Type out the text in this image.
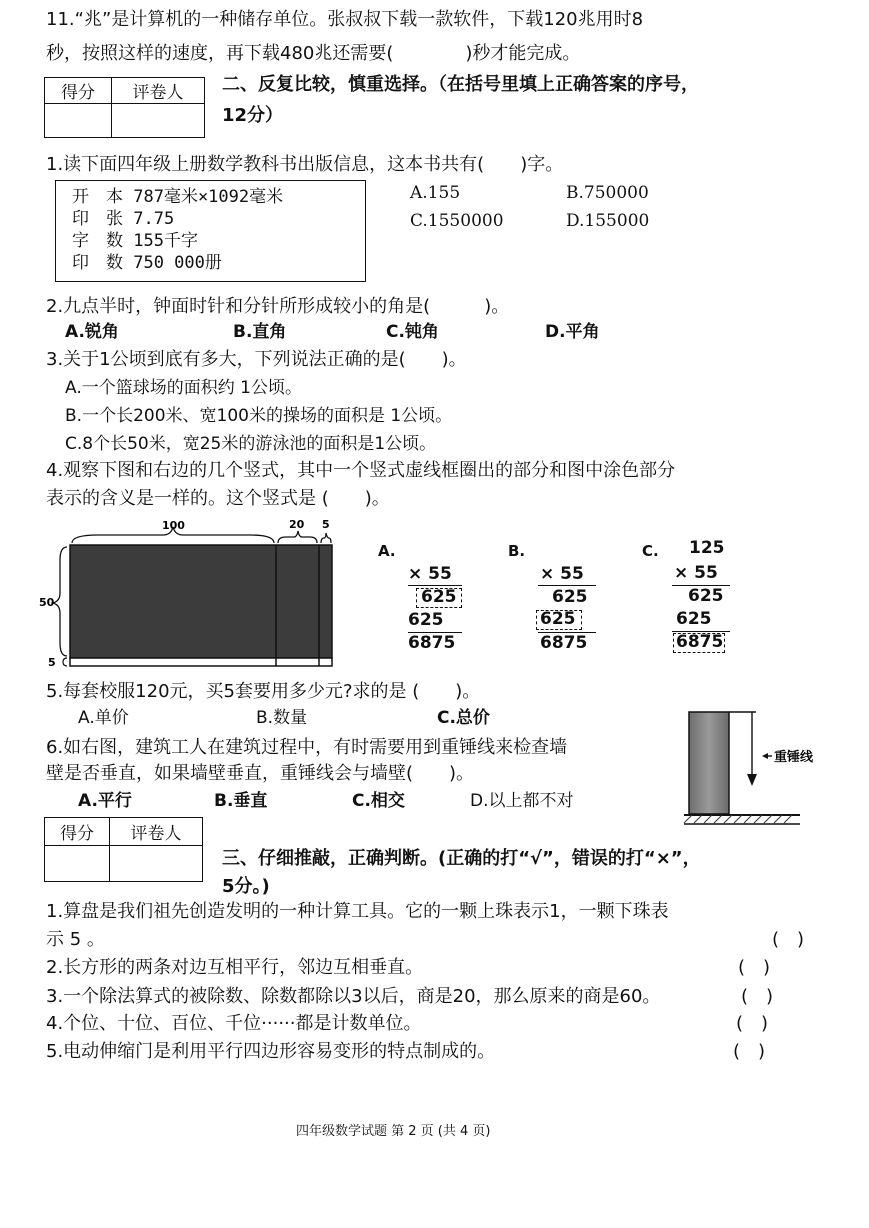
11.“兆”是计算机的一种储存单位。张叔叔下载一款软件，下载120兆用时8
秒，按照这样的速度，再下载480兆还需要(　　　　)秒才能完成。
得分	评卷人
	二、反复比较，慎重选择。（在括号里填上正确答案的序号，
12分）
1.读下面四年级上册数学教科书出版信息，这本书共有(　　)字。
开　本 787毫米×1092毫米
印　张 7.75
字　数 155千字
印　数 750 000册
A.155	B.750000
C.1550000	D.155000
2.九点半时，钟面时针和分针所形成较小的角是(　　　)。
A.锐角	B.直角	C.钝角	D.平角
3.关于1公顷到底有多大，下列说法正确的是(　　)。
A.一个篮球场的面积约 1公顷。
B.一个长200米、宽100米的操场的面积是 1公顷。
C.8个长50米，宽25米的游泳池的面积是1公顷。
4.观察下图和右边的几个竖式，其中一个竖式虚线框圈出的部分和图中涂色部分
表示的含义是一样的。这个竖式是 (　　)。
100	20 5
50
5
A.
× 55
625
625
6875
B.
× 55
625
625
6875
C. 125
× 55
625
625
6875
5.每套校服120元，买5套要用多少元?求的是 (　　)。
A.单价	B.数量	C.总价
6.如右图，建筑工人在建筑过程中，有时需要用到重锤线来检查墙
壁是否垂直，如果墙壁垂直，重锤线会与墙壁(　　)。
A.平行	B.垂直	C.相交	D.以上都不对
重锤线
得分	评卷人

三、仔细推敲，正确判断。(正确的打“√”，错误的打“×”，
5分。)
1.算盘是我们祖先创造发明的一种计算工具。它的一颗上珠表示1，一颗下珠表
示 5 。	(　)
2.长方形的两条对边互相平行，邻边互相垂直。	(　)
3.一个除法算式的被除数、除数都除以3以后，商是20，那么原来的商是60。	(　)
4.个位、十位、百位、千位······都是计数单位。	(　)
5.电动伸缩门是利用平行四边形容易变形的特点制成的。	(　)
四年级数学试题 第 2 页 (共 4 页)
